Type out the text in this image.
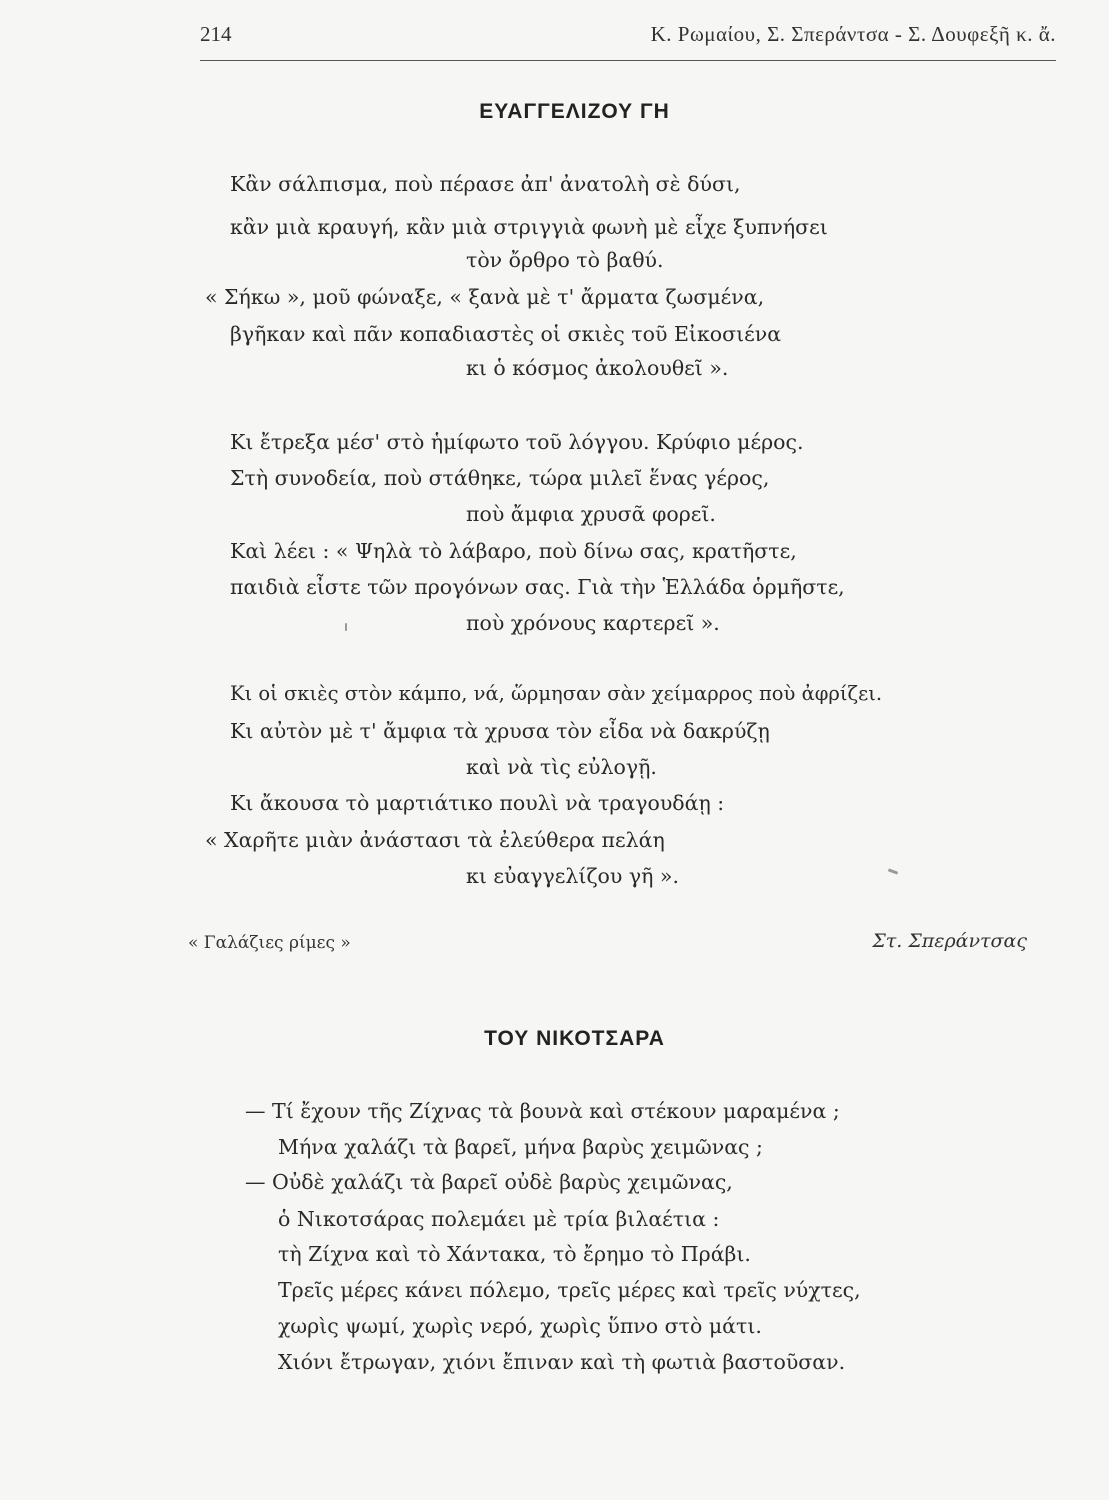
214	Κ. Ρωμαίου, Σ. Σπεράντσα - Σ. Δουφεξῆ κ. ἄ.
ΕΥΑΓΓΕΛΙΖΟΥ ΓΗ
Κἂν σάλπισμα, ποὺ πέρασε ἀπ' ἀνατολὴ σὲ δύσι,
κἂν μιὰ κραυγή, κἂν μιὰ στριγγιὰ φωνὴ μὲ εἶχε ξυπνήσει
τὸν ὄρθρο τὸ βαθύ.
« Σήκω », μοῦ φώναξε, « ξανὰ μὲ τ' ἄρματα ζωσμένα,
βγῆκαν καὶ πᾶν κοπαδιαστὲς οἱ σκιὲς τοῦ Εἰκοσιένα
κι ὁ κόσμος ἀκολουθεῖ ».
Κι ἔτρεξα μέσ' στὸ ἡμίφωτο τοῦ λόγγου. Κρύφιο μέρος.
Στὴ συνοδεία, ποὺ στάθηκε, τώρα μιλεῖ ἕνας γέρος,
ποὺ ἄμφια χρυσᾶ φορεῖ.
Καὶ λέει : « Ψηλὰ τὸ λάβαρο, ποὺ δίνω σας, κρατῆστε,
παιδιὰ εἶστε τῶν προγόνων σας. Γιὰ τὴν Ἑλλάδα ὁρμῆστε,
ποὺ χρόνους καρτερεῖ ».
Κι οἱ σκιὲς στὸν κάμπο, νά, ὥρμησαν σὰν χείμαρρος ποὺ ἀφρίζει.
Κι αὐτὸν μὲ τ' ἄμφια τὰ χρυσα τὸν εἶδα νὰ δακρύζῃ
καὶ νὰ τὶς εὐλογῇ.
Κι ἄκουσα τὸ μαρτιάτικο πουλὶ νὰ τραγουδάῃ :
« Χαρῆτε μιὰν ἀνάστασι τὰ ἐλεύθερα πελάη
κι εὐαγγελίζου γῆ ».
« Γαλάζιες ρίμες »	Στ. Σπεράντσας
ΤΟΥ ΝΙΚΟΤΣΑΡΑ
— Τί ἔχουν τῆς Ζίχνας τὰ βουνὰ καὶ στέκουν μαραμένα ;
Μήνα χαλάζι τὰ βαρεῖ, μήνα βαρὺς χειμῶνας ;
— Οὐδὲ χαλάζι τὰ βαρεῖ οὐδὲ βαρὺς χειμῶνας,
ὁ Νικοτσάρας πολεμάει μὲ τρία βιλαέτια :
τὴ Ζίχνα καὶ τὸ Χάντακα, τὸ ἔρημο τὸ Πράβι.
Τρεῖς μέρες κάνει πόλεμο, τρεῖς μέρες καὶ τρεῖς νύχτες,
χωρὶς ψωμί, χωρὶς νερό, χωρὶς ὕπνο στὸ μάτι.
Χιόνι ἔτρωγαν, χιόνι ἔπιναν καὶ τὴ φωτιὰ βαστοῦσαν.
